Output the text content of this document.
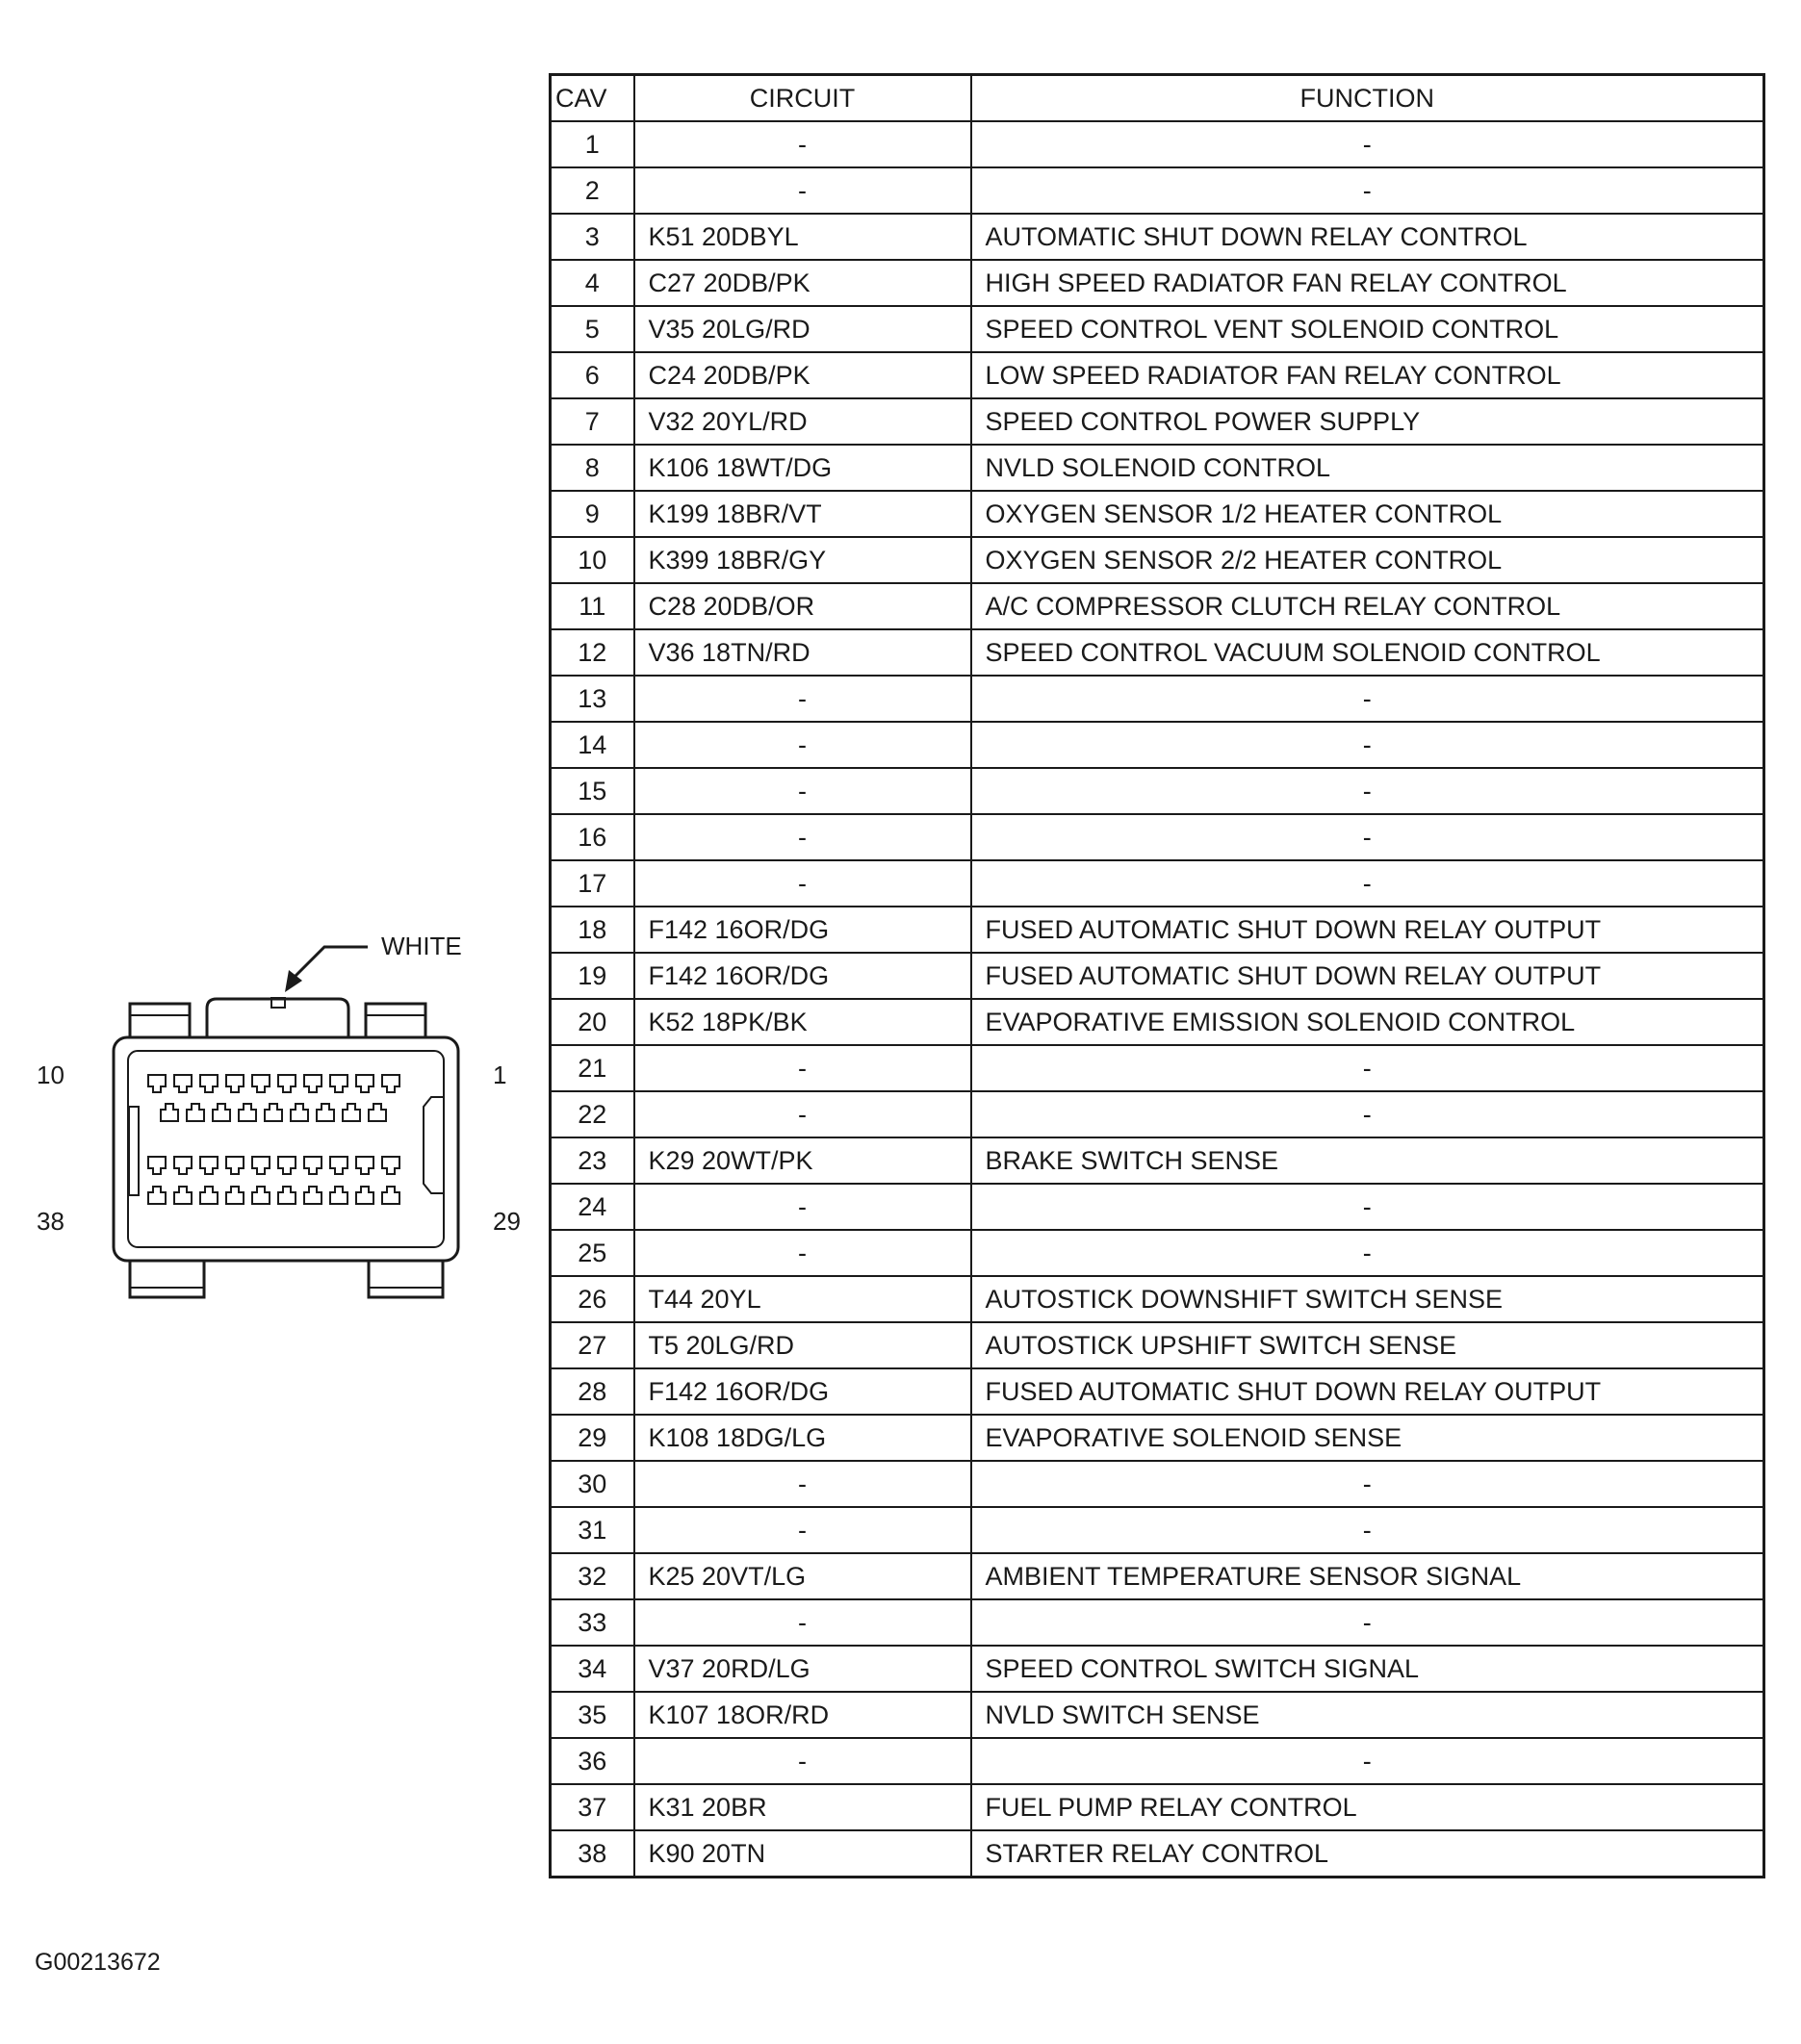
WHITE
10	1
38	29
CAV	CIRCUIT	FUNCTION
1	-	-
2	-	-
3	K51 20DBYL	AUTOMATIC SHUT DOWN RELAY CONTROL
4	C27 20DB/PK	HIGH SPEED RADIATOR FAN RELAY CONTROL
5	V35 20LG/RD	SPEED CONTROL VENT SOLENOID CONTROL
6	C24 20DB/PK	LOW SPEED RADIATOR FAN RELAY CONTROL
7	V32 20YL/RD	SPEED CONTROL POWER SUPPLY
8	K106 18WT/DG	NVLD SOLENOID CONTROL
9	K199 18BR/VT	OXYGEN SENSOR 1/2 HEATER CONTROL
10	K399 18BR/GY	OXYGEN SENSOR 2/2 HEATER CONTROL
11	C28 20DB/OR	A/C COMPRESSOR CLUTCH RELAY CONTROL
12	V36 18TN/RD	SPEED CONTROL VACUUM SOLENOID CONTROL
13	-	-
14	-	-
15	-	-
16	-	-
17	-	-
18	F142 16OR/DG	FUSED AUTOMATIC SHUT DOWN RELAY OUTPUT
19	F142 16OR/DG	FUSED AUTOMATIC SHUT DOWN RELAY OUTPUT
20	K52 18PK/BK	EVAPORATIVE EMISSION SOLENOID CONTROL
21	-	-
22	-	-
23	K29 20WT/PK	BRAKE SWITCH SENSE
24	-	-
25	-	-
26	T44 20YL	AUTOSTICK DOWNSHIFT SWITCH SENSE
27	T5 20LG/RD	AUTOSTICK UPSHIFT SWITCH SENSE
28	F142 16OR/DG	FUSED AUTOMATIC SHUT DOWN RELAY OUTPUT
29	K108 18DG/LG	EVAPORATIVE SOLENOID SENSE
30	-	-
31	-	-
32	K25 20VT/LG	AMBIENT TEMPERATURE SENSOR SIGNAL
33	-	-
34	V37 20RD/LG	SPEED CONTROL SWITCH SIGNAL
35	K107 18OR/RD	NVLD SWITCH SENSE
36	-	-
37	K31 20BR	FUEL PUMP RELAY CONTROL
38	K90 20TN	STARTER RELAY CONTROL
G00213672
